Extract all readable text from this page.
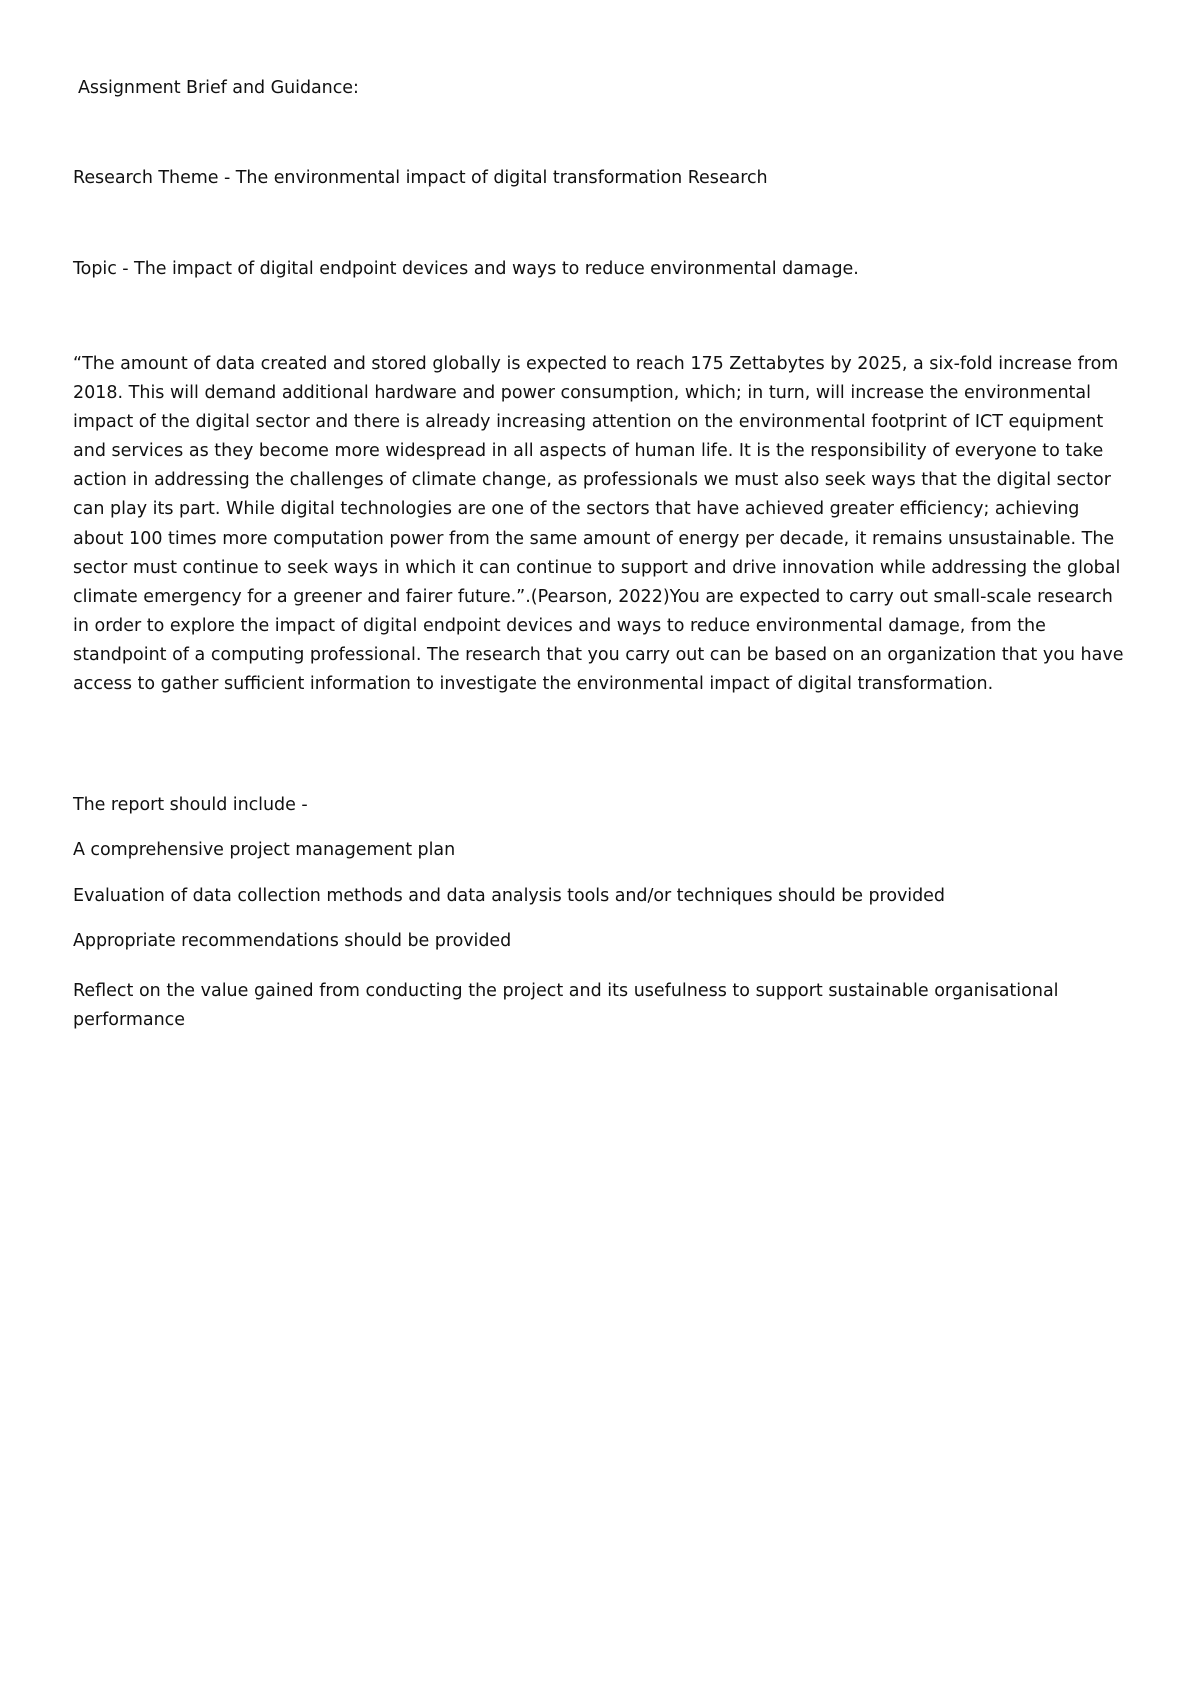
Assignment Brief and Guidance:
Research Theme - The environmental impact of digital transformation Research
Topic - The impact of digital endpoint devices and ways to reduce environmental damage.

“The amount of data created and stored globally is expected to reach 175 Zettabytes by 2025, a six-fold increase from 2018. This will demand additional hardware and power consumption, which; in turn, will increase the environmental impact of the digital sector and there is already increasing attention on the environmental footprint of ICT equipment and services as they become more widespread in all aspects of human life. It is the responsibility of everyone to take action in addressing the challenges of climate change, as professionals we must also seek ways that the digital sector can play its part. While digital technologies are one of the sectors that have achieved greater efficiency; achieving about 100 times more computation power from the same amount of energy per decade, it remains unsustainable. The sector must continue to seek ways in which it can continue to support and drive innovation while addressing the global climate emergency for a greener and fairer future.”.(Pearson, 2022)You are expected to carry out small-scale research in order to explore the impact of digital endpoint devices and ways to reduce environmental damage, from the standpoint of a computing professional. The research that you carry out can be based on an organization that you have access to gather sufficient information to investigate the environmental impact of digital transformation.

The report should include -
A comprehensive project management plan
Evaluation of data collection methods and data analysis tools and/or techniques should be provided
Appropriate recommendations should be provided

Reflect on the value gained from conducting the project and its usefulness to support sustainable organisational performance
